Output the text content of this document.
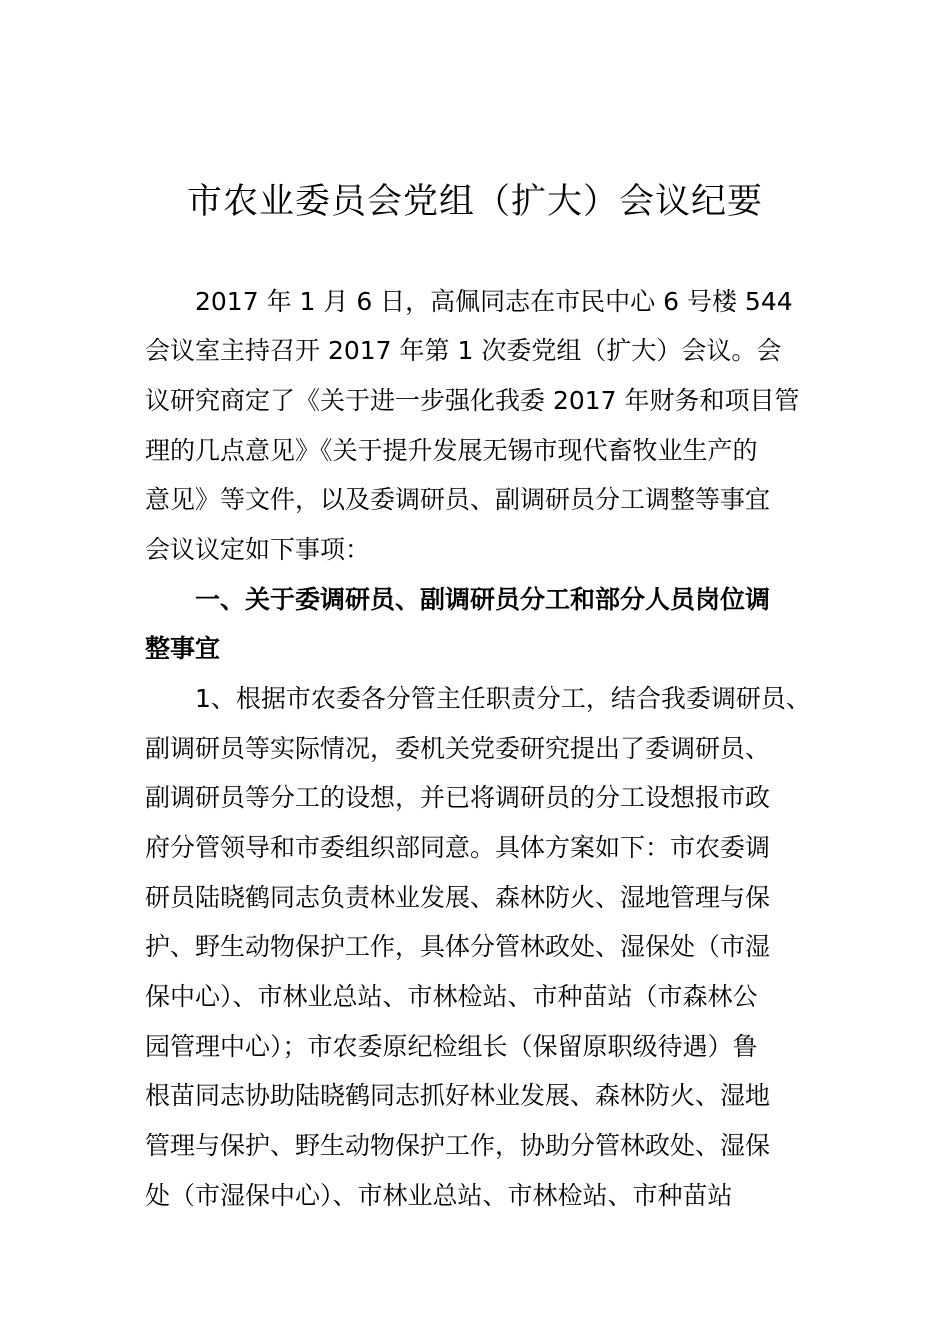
市农业委员会党组（扩大）会议纪要
2017 年 1 月 6 日，高佩同志在市民中心 6 号楼 544
会议室主持召开 2017 年第 1 次委党组（扩大）会议。会
议研究商定了《关于进一步强化我委 2017 年财务和项目管
理的几点意见》《关于提升发展无锡市现代畜牧业生产的
意见》等文件，以及委调研员、副调研员分工调整等事宜
会议议定如下事项：
一、关于委调研员、副调研员分工和部分人员岗位调
整事宜
1、根据市农委各分管主任职责分工，结合我委调研员、
副调研员等实际情况，委机关党委研究提出了委调研员、
副调研员等分工的设想，并已将调研员的分工设想报市政
府分管领导和市委组织部同意。具体方案如下：市农委调
研员陆晓鹤同志负责林业发展、森林防火、湿地管理与保
护、野生动物保护工作，具体分管林政处、湿保处（市湿
保中心）、市林业总站、市林检站、市种苗站（市森林公
园管理中心）；市农委原纪检组长（保留原职级待遇）鲁
根苗同志协助陆晓鹤同志抓好林业发展、森林防火、湿地
管理与保护、野生动物保护工作，协助分管林政处、湿保
处（市湿保中心）、市林业总站、市林检站、市种苗站
